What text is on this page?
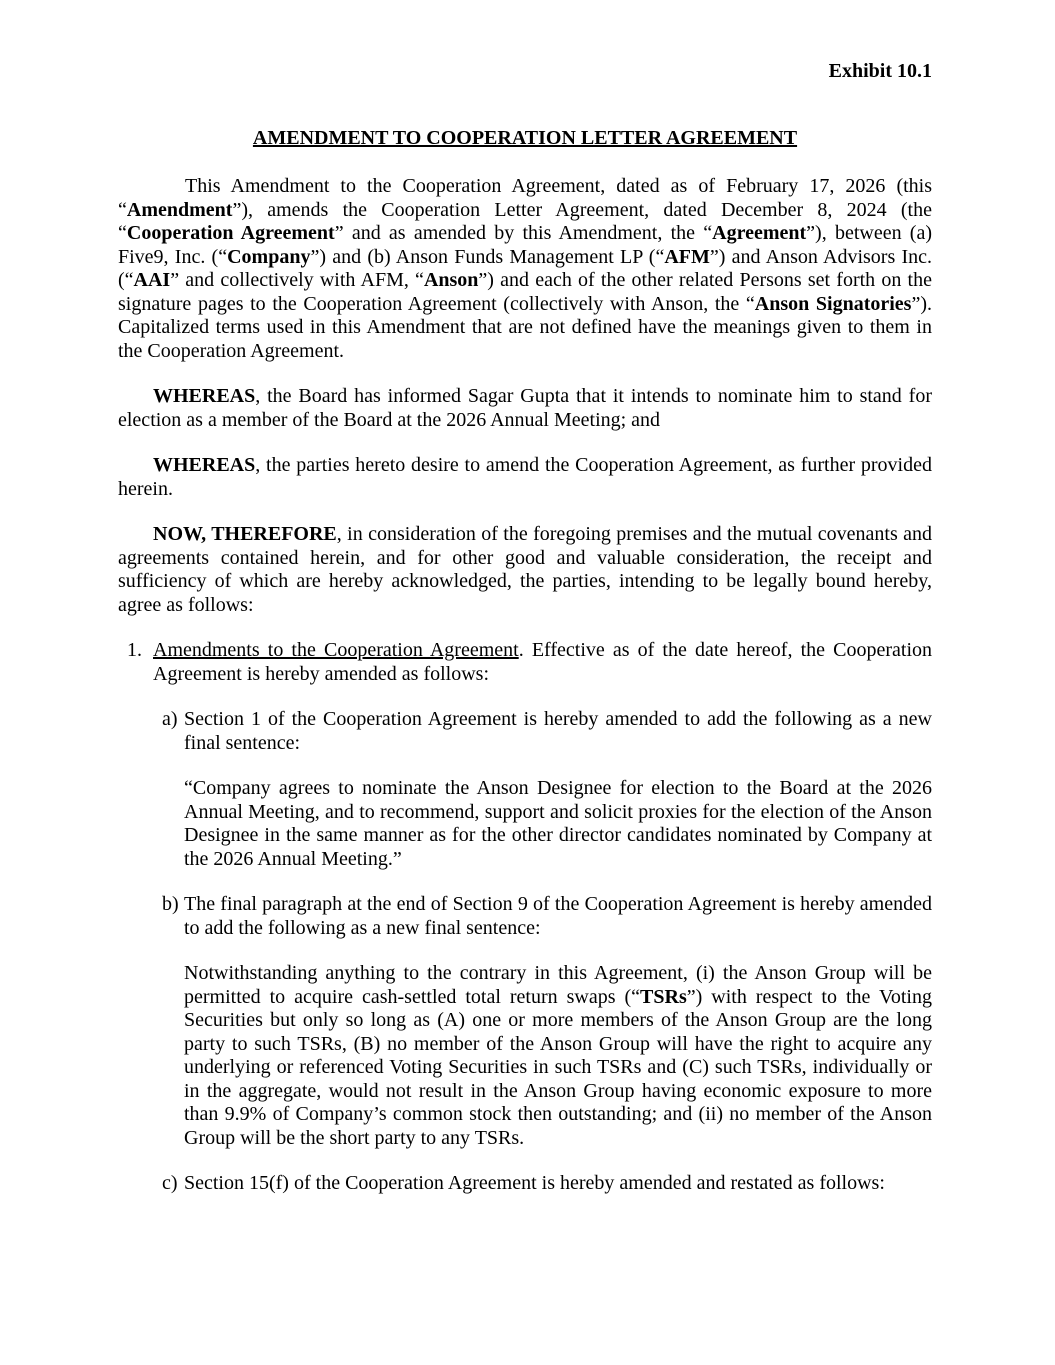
Exhibit 10.1
AMENDMENT TO COOPERATION LETTER AGREEMENT
This Amendment to the Cooperation Agreement, dated as of February 17, 2026 (this “Amendment”), amends the Cooperation Letter Agreement, dated December 8, 2024 (the “Cooperation Agreement” and as amended by this Amendment, the “Agreement”), between (a) Five9, Inc. (“Company”) and (b) Anson Funds Management LP (“AFM”) and Anson Advisors Inc. (“AAI” and collectively with AFM, “Anson”) and each of the other related Persons set forth on the signature pages to the Cooperation Agreement (collectively with Anson, the “Anson Signatories”). Capitalized terms used in this Amendment that are not defined have the meanings given to them in the Cooperation Agreement.
WHEREAS, the Board has informed Sagar Gupta that it intends to nominate him to stand for election as a member of the Board at the 2026 Annual Meeting; and
WHEREAS, the parties hereto desire to amend the Cooperation Agreement, as further provided herein.
NOW, THEREFORE, in consideration of the foregoing premises and the mutual covenants and agreements contained herein, and for other good and valuable consideration, the receipt and sufficiency of which are hereby acknowledged, the parties, intending to be legally bound hereby, agree as follows:
1. Amendments to the Cooperation Agreement. Effective as of the date hereof, the Cooperation Agreement is hereby amended as follows:
a) Section 1 of the Cooperation Agreement is hereby amended to add the following as a new final sentence:
“Company agrees to nominate the Anson Designee for election to the Board at the 2026 Annual Meeting, and to recommend, support and solicit proxies for the election of the Anson Designee in the same manner as for the other director candidates nominated by Company at the 2026 Annual Meeting.”
b) The final paragraph at the end of Section 9 of the Cooperation Agreement is hereby amended to add the following as a new final sentence:
Notwithstanding anything to the contrary in this Agreement, (i) the Anson Group will be permitted to acquire cash-settled total return swaps (“TSRs”) with respect to the Voting Securities but only so long as (A) one or more members of the Anson Group are the long party to such TSRs, (B) no member of the Anson Group will have the right to acquire any underlying or referenced Voting Securities in such TSRs and (C) such TSRs, individually or in the aggregate, would not result in the Anson Group having economic exposure to more than 9.9% of Company’s common stock then outstanding; and (ii) no member of the Anson Group will be the short party to any TSRs.
c) Section 15(f) of the Cooperation Agreement is hereby amended and restated as follows:
